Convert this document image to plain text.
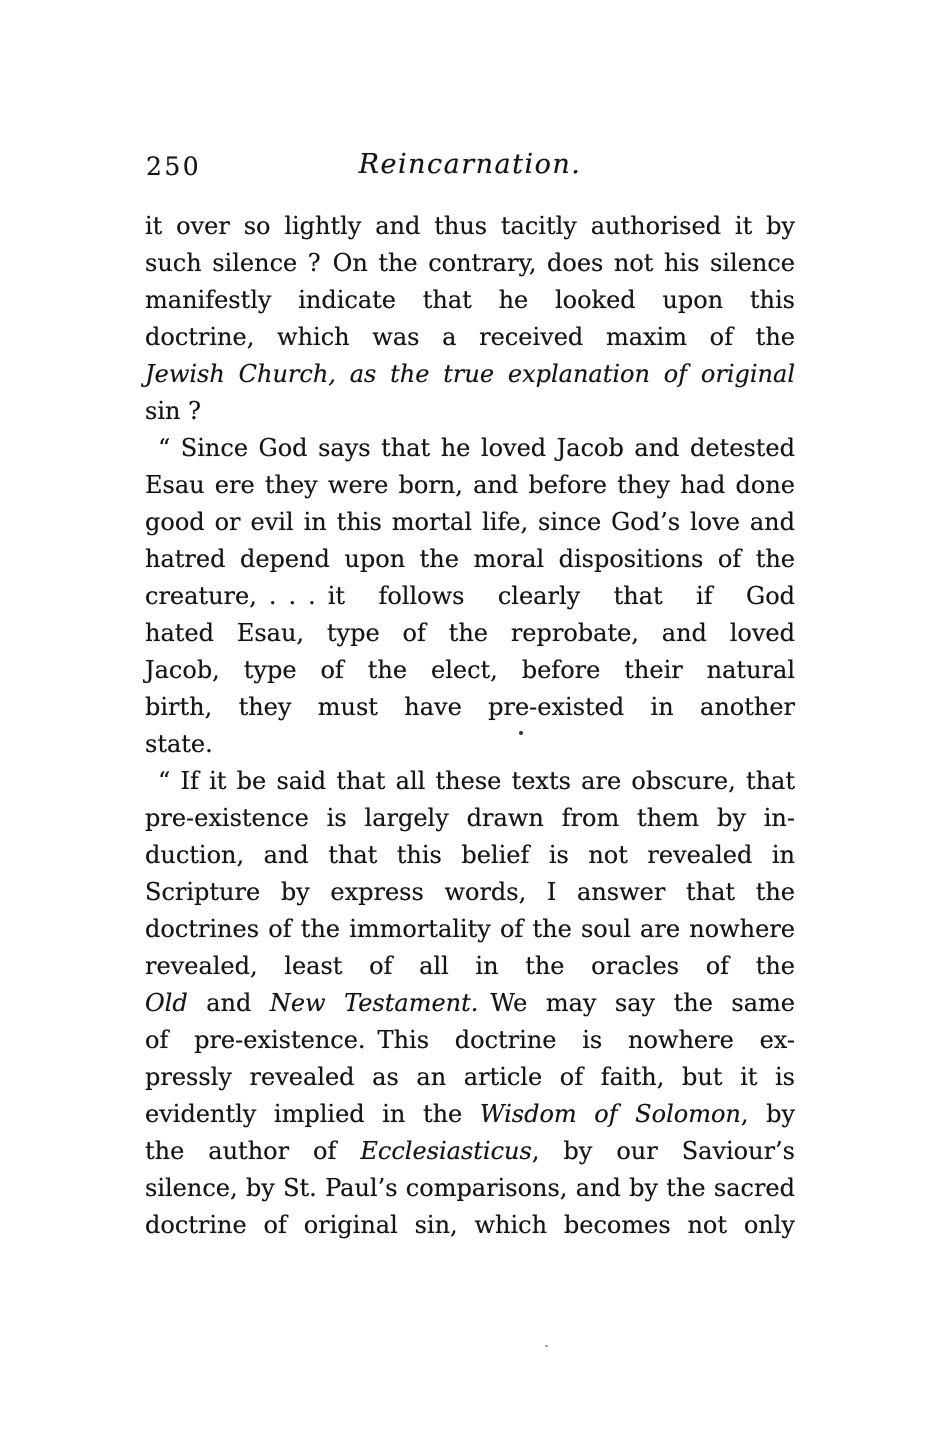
250	Reincarnation.
it over so lightly and thus tacitly authorised it by
such silence ? On the contrary, does not his silence
manifestly indicate that he looked upon this
doctrine, which was a received maxim of the
Jewish Church, as the true explanation of original
sin ?
“ Since God says that he loved Jacob and detested
Esau ere they were born, and before they had done
good or evil in this mortal life, since God’s love and
hatred depend upon the moral dispositions of the
creature, . . . it follows clearly that if God
hated Esau, type of the reprobate, and loved
Jacob, type of the elect, before their natural
birth, they must have pre-existed in another
state.
“ If it be said that all these texts are obscure, that
pre-existence is largely drawn from them by in-
duction, and that this belief is not revealed in
Scripture by express words, I answer that the
doctrines of the immortality of the soul are nowhere
revealed, least of all in the oracles of the
Old and New Testament. We may say the same
of pre-existence. This doctrine is nowhere ex-
pressly revealed as an article of faith, but it is
evidently implied in the Wisdom of Solomon, by
the author of Ecclesiasticus, by our Saviour’s
silence, by St. Paul’s comparisons, and by the sacred
doctrine of original sin, which becomes not only
